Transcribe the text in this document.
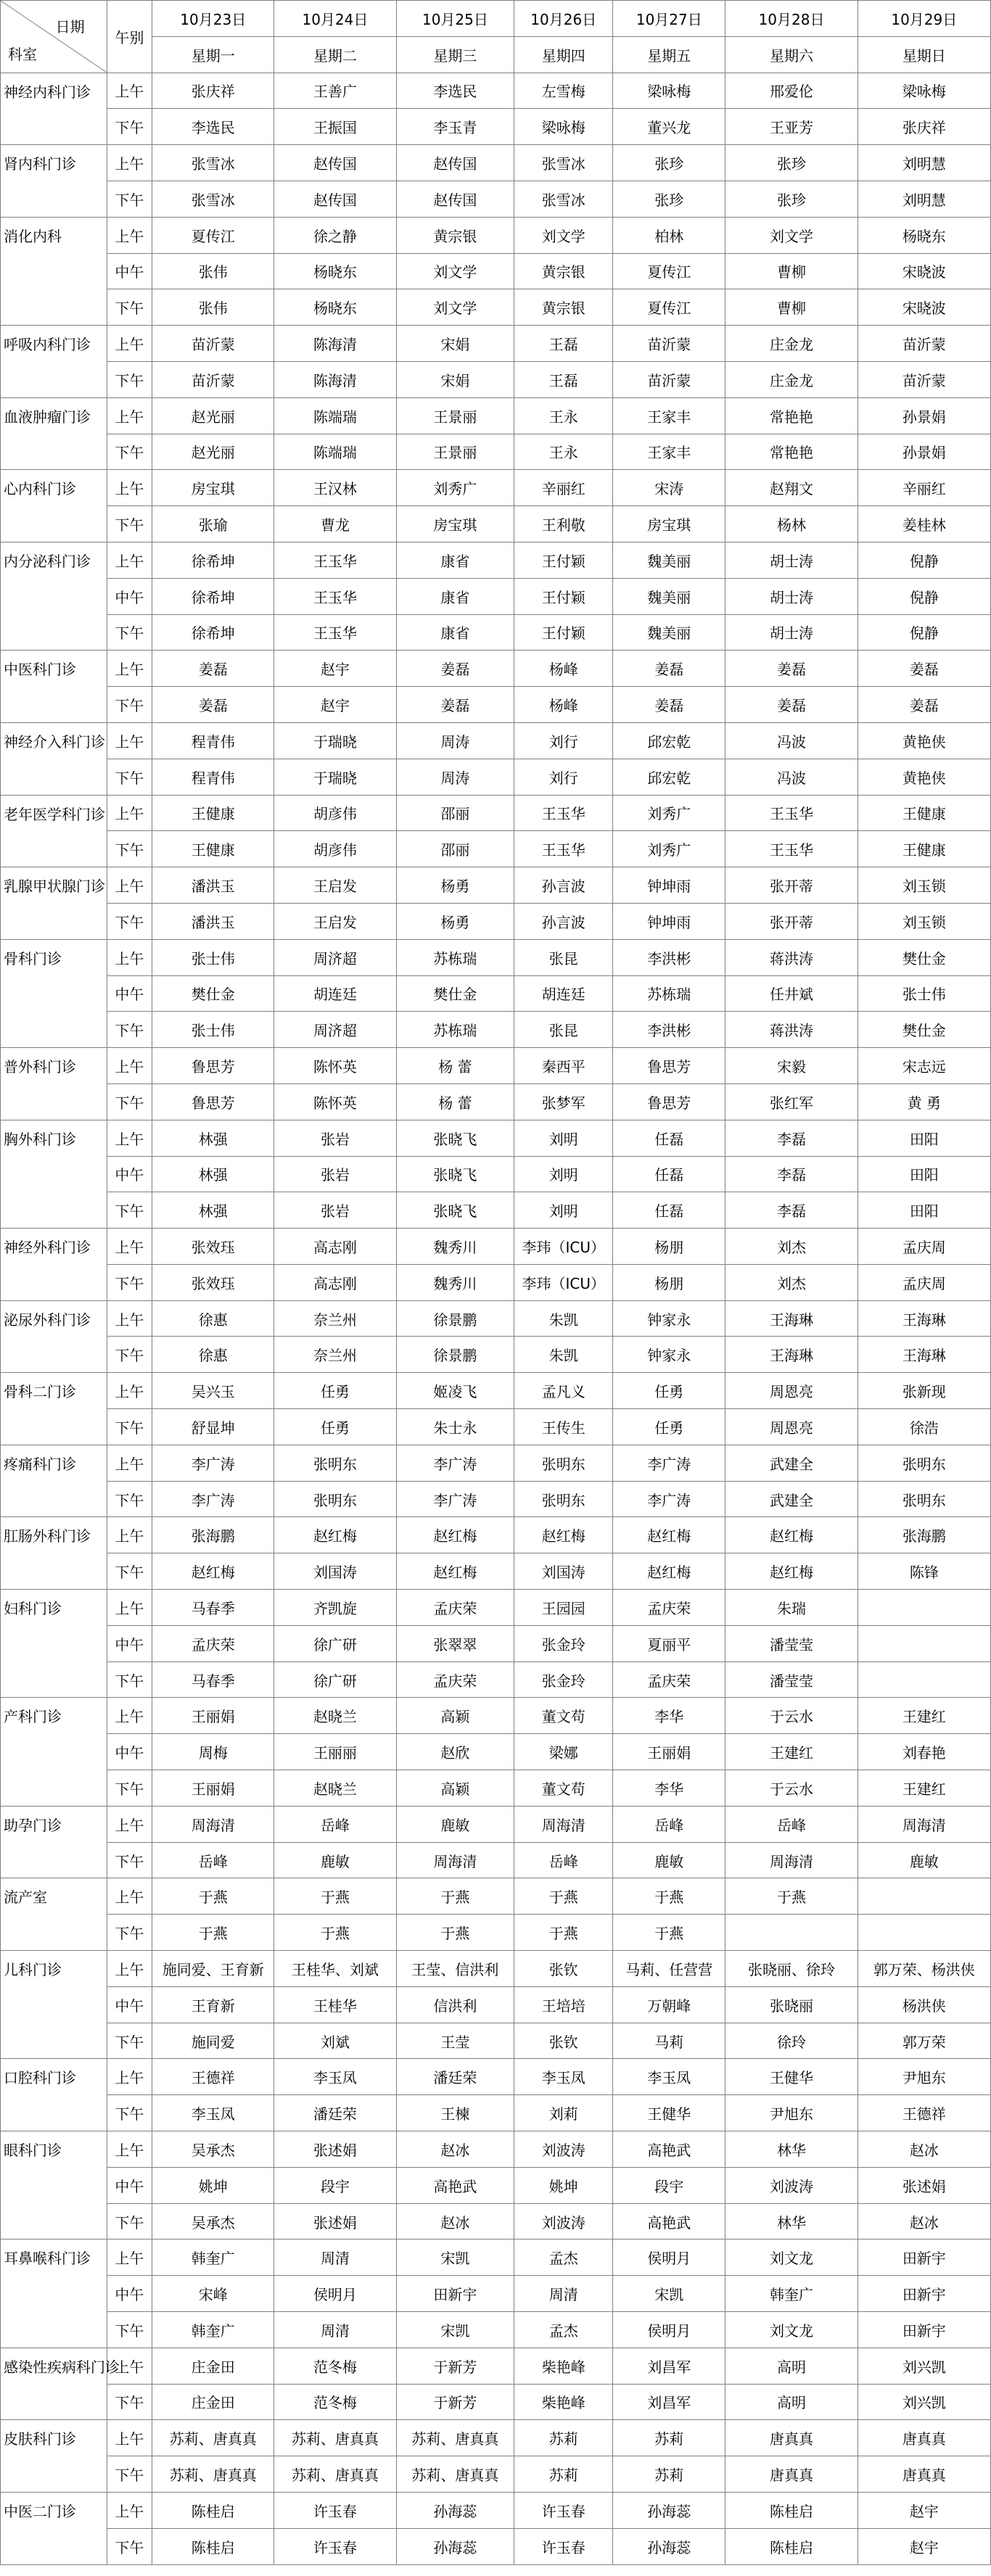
日期
科室	午别	10月23日	10月24日	10月25日	10月26日	10月27日	10月28日	10月29日
		星期一	星期二	星期三	星期四	星期五	星期六	星期日
神经内科门诊	上午	张庆祥	王善广	李选民	左雪梅	梁咏梅	邢爱伦	梁咏梅
	下午	李选民	王振国	李玉青	梁咏梅	董兴龙	王亚芳	张庆祥
肾内科门诊	上午	张雪冰	赵传国	赵传国	张雪冰	张珍	张珍	刘明慧
	下午	张雪冰	赵传国	赵传国	张雪冰	张珍	张珍	刘明慧
消化内科	上午	夏传江	徐之静	黄宗银	刘文学	柏林	刘文学	杨晓东
	中午	张伟	杨晓东	刘文学	黄宗银	夏传江	曹柳	宋晓波
	下午	张伟	杨晓东	刘文学	黄宗银	夏传江	曹柳	宋晓波
呼吸内科门诊	上午	苗沂蒙	陈海清	宋娟	王磊	苗沂蒙	庄金龙	苗沂蒙
	下午	苗沂蒙	陈海清	宋娟	王磊	苗沂蒙	庄金龙	苗沂蒙
血液肿瘤门诊	上午	赵光丽	陈端瑞	王景丽	王永	王家丰	常艳艳	孙景娟
	下午	赵光丽	陈端瑞	王景丽	王永	王家丰	常艳艳	孙景娟
心内科门诊	上午	房宝琪	王汉林	刘秀广	辛丽红	宋涛	赵翔文	辛丽红
	下午	张瑜	曹龙	房宝琪	王利敬	房宝琪	杨林	姜桂林
内分泌科门诊	上午	徐希坤	王玉华	康省	王付颖	魏美丽	胡士涛	倪静
	中午	徐希坤	王玉华	康省	王付颖	魏美丽	胡士涛	倪静
	下午	徐希坤	王玉华	康省	王付颖	魏美丽	胡士涛	倪静
中医科门诊	上午	姜磊	赵宇	姜磊	杨峰	姜磊	姜磊	姜磊
	下午	姜磊	赵宇	姜磊	杨峰	姜磊	姜磊	姜磊
神经介入科门诊	上午	程青伟	于瑞晓	周涛	刘行	邱宏乾	冯波	黄艳侠
	下午	程青伟	于瑞晓	周涛	刘行	邱宏乾	冯波	黄艳侠
老年医学科门诊	上午	王健康	胡彦伟	邵丽	王玉华	刘秀广	王玉华	王健康
	下午	王健康	胡彦伟	邵丽	王玉华	刘秀广	王玉华	王健康
乳腺甲状腺门诊	上午	潘洪玉	王启发	杨勇	孙言波	钟坤雨	张开蒂	刘玉锁
	下午	潘洪玉	王启发	杨勇	孙言波	钟坤雨	张开蒂	刘玉锁
骨科门诊	上午	张士伟	周济超	苏栋瑞	张昆	李洪彬	蒋洪涛	樊仕金
	中午	樊仕金	胡连廷	樊仕金	胡连廷	苏栋瑞	任井斌	张士伟
	下午	张士伟	周济超	苏栋瑞	张昆	李洪彬	蒋洪涛	樊仕金
普外科门诊	上午	鲁思芳	陈怀英	杨 蕾	秦西平	鲁思芳	宋毅	宋志远
	下午	鲁思芳	陈怀英	杨 蕾	张梦军	鲁思芳	张红军	黄 勇
胸外科门诊	上午	林强	张岩	张晓飞	刘明	任磊	李磊	田阳
	中午	林强	张岩	张晓飞	刘明	任磊	李磊	田阳
	下午	林强	张岩	张晓飞	刘明	任磊	李磊	田阳
神经外科门诊	上午	张效珏	高志刚	魏秀川	李玮（ICU）	杨朋	刘杰	孟庆周
	下午	张效珏	高志刚	魏秀川	李玮（ICU）	杨朋	刘杰	孟庆周
泌尿外科门诊	上午	徐惠	奈兰州	徐景鹏	朱凯	钟家永	王海琳	王海琳
	下午	徐惠	奈兰州	徐景鹏	朱凯	钟家永	王海琳	王海琳
骨科二门诊	上午	吴兴玉	任勇	姬凌飞	孟凡义	任勇	周恩亮	张新现
	下午	舒显坤	任勇	朱士永	王传生	任勇	周恩亮	徐浩
疼痛科门诊	上午	李广涛	张明东	李广涛	张明东	李广涛	武建全	张明东
	下午	李广涛	张明东	李广涛	张明东	李广涛	武建全	张明东
肛肠外科门诊	上午	张海鹏	赵红梅	赵红梅	赵红梅	赵红梅	赵红梅	张海鹏
	下午	赵红梅	刘国涛	赵红梅	刘国涛	赵红梅	赵红梅	陈锋
妇科门诊	上午	马春季	齐凯旋	孟庆荣	王园园	孟庆荣	朱瑞	
	中午	孟庆荣	徐广研	张翠翠	张金玲	夏丽平	潘莹莹	
	下午	马春季	徐广研	孟庆荣	张金玲	孟庆荣	潘莹莹	
产科门诊	上午	王丽娟	赵晓兰	高颖	董文苟	李华	于云水	王建红
	中午	周梅	王丽丽	赵欣	梁娜	王丽娟	王建红	刘春艳
	下午	王丽娟	赵晓兰	高颖	董文苟	李华	于云水	王建红
助孕门诊	上午	周海清	岳峰	鹿敏	周海清	岳峰	岳峰	周海清
	下午	岳峰	鹿敏	周海清	岳峰	鹿敏	周海清	鹿敏
流产室	上午	于燕	于燕	于燕	于燕	于燕	于燕	
	下午	于燕	于燕	于燕	于燕	于燕		
儿科门诊	上午	施同爱、王育新	王桂华、刘斌	王莹、信洪利	张钦	马莉、任营营	张晓丽、徐玲	郭万荣、杨洪侠
	中午	王育新	王桂华	信洪利	王培培	万朝峰	张晓丽	杨洪侠
	下午	施同爱	刘斌	王莹	张钦	马莉	徐玲	郭万荣
口腔科门诊	上午	王德祥	李玉凤	潘廷荣	李玉凤	李玉凤	王健华	尹旭东
	下午	李玉凤	潘廷荣	王楝	刘莉	王健华	尹旭东	王德祥
眼科门诊	上午	吴承杰	张述娟	赵冰	刘波涛	高艳武	林华	赵冰
	中午	姚坤	段宇	高艳武	姚坤	段宇	刘波涛	张述娟
	下午	吴承杰	张述娟	赵冰	刘波涛	高艳武	林华	赵冰
耳鼻喉科门诊	上午	韩奎广	周清	宋凯	孟杰	侯明月	刘文龙	田新宇
	中午	宋峰	侯明月	田新宇	周清	宋凯	韩奎广	田新宇
	下午	韩奎广	周清	宋凯	孟杰	侯明月	刘文龙	田新宇
感染性疾病科门诊	上午	庄金田	范冬梅	于新芳	柴艳峰	刘昌军	高明	刘兴凯
	下午	庄金田	范冬梅	于新芳	柴艳峰	刘昌军	高明	刘兴凯
皮肤科门诊	上午	苏莉、唐真真	苏莉、唐真真	苏莉、唐真真	苏莉	苏莉	唐真真	唐真真
	下午	苏莉、唐真真	苏莉、唐真真	苏莉、唐真真	苏莉	苏莉	唐真真	唐真真
中医二门诊	上午	陈桂启	许玉春	孙海蕊	许玉春	孙海蕊	陈桂启	赵宇
	下午	陈桂启	许玉春	孙海蕊	许玉春	孙海蕊	陈桂启	赵宇
